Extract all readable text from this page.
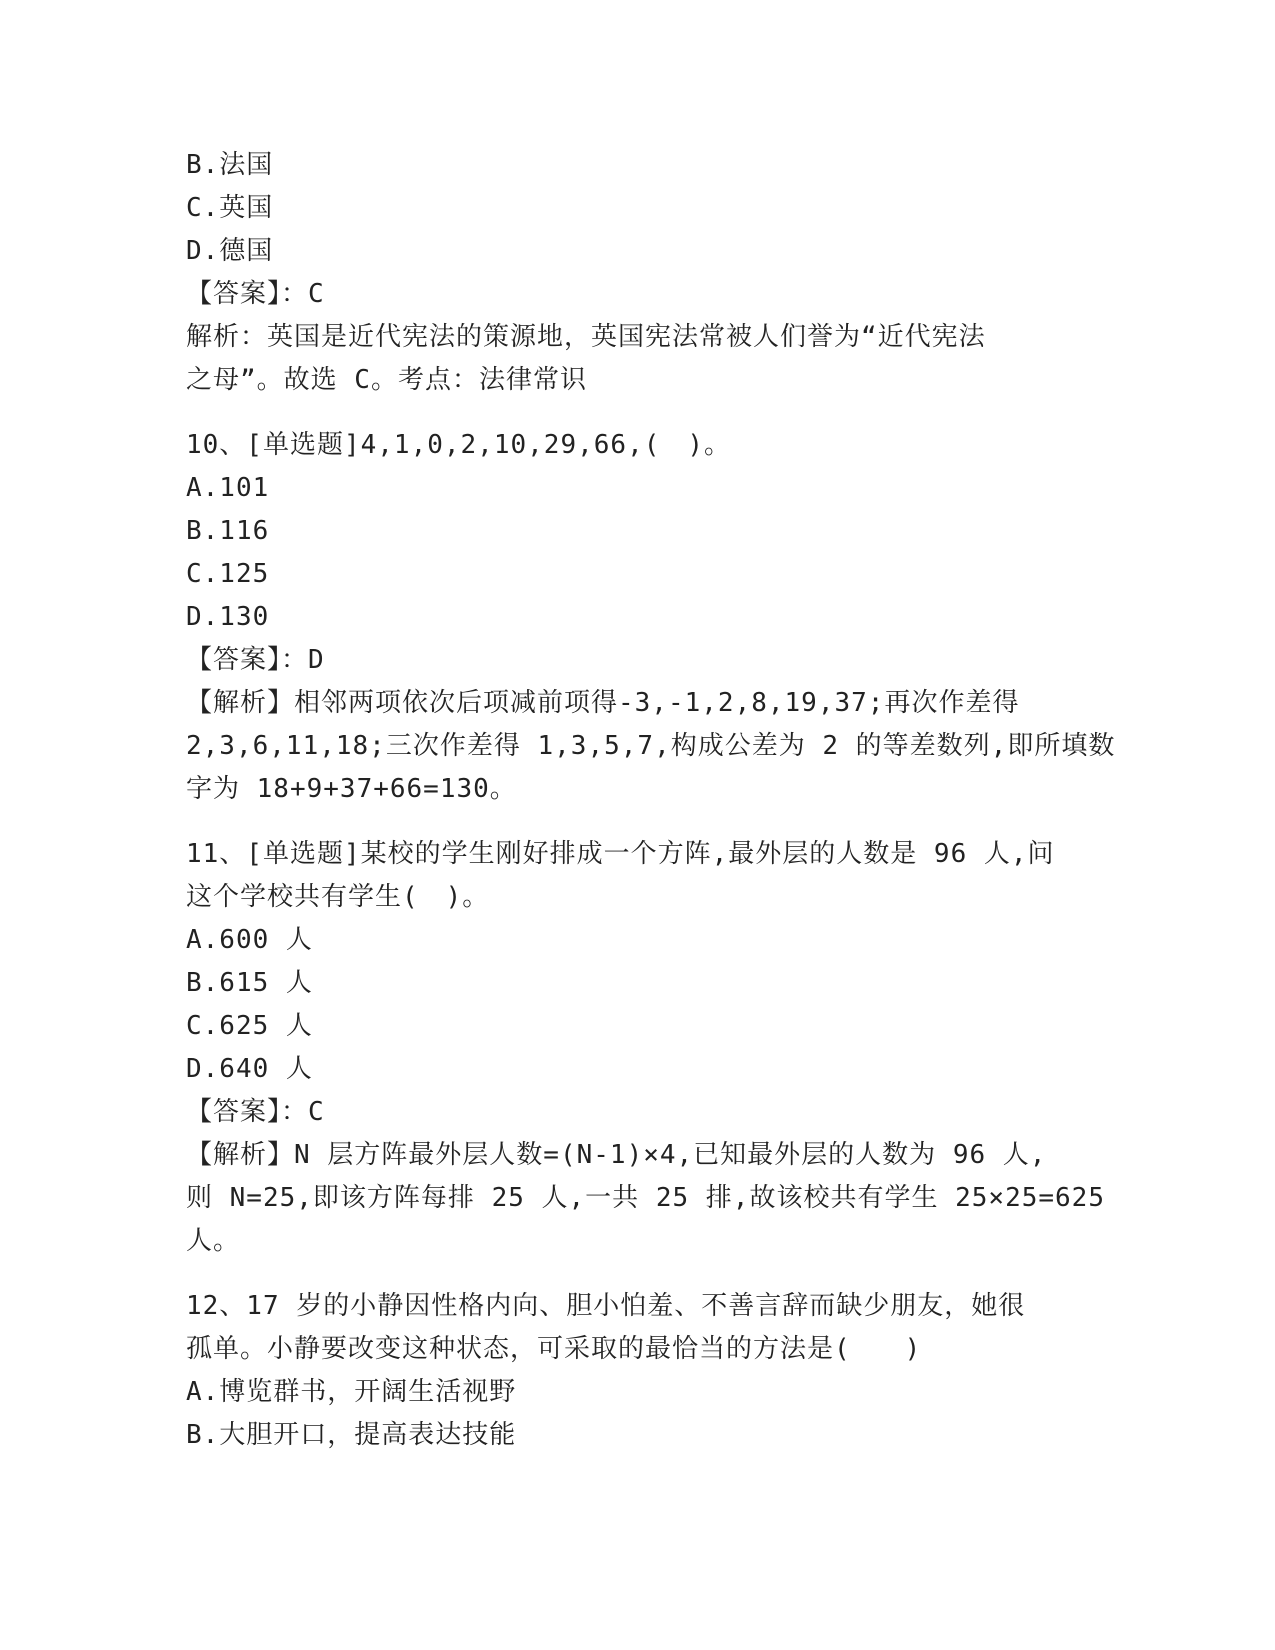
B.法国
C.英国
D.德国
【答案】：C
解析：英国是近代宪法的策源地，英国宪法常被人们誉为“近代宪法
之母”。故选 C。考点：法律常识
10、[单选题]4,1,0,2,10,29,66,(　)。
A.101
B.116
C.125
D.130
【答案】：D
【解析】相邻两项依次后项减前项得-3,-1,2,8,19,37;再次作差得
2,3,6,11,18;三次作差得 1,3,5,7,构成公差为 2 的等差数列,即所填数
字为 18+9+37+66=130。
11、[单选题]某校的学生刚好排成一个方阵,最外层的人数是 96 人,问
这个学校共有学生(　)。
A.600 人
B.615 人
C.625 人
D.640 人
【答案】：C
【解析】N 层方阵最外层人数=(N-1)×4,已知最外层的人数为 96 人,
则 N=25,即该方阵每排 25 人,一共 25 排,故该校共有学生 25×25=625
人。
12、17 岁的小静因性格内向、胆小怕羞、不善言辞而缺少朋友，她很
孤单。小静要改变这种状态，可采取的最恰当的方法是(　　)
A.博览群书，开阔生活视野
B.大胆开口，提高表达技能
